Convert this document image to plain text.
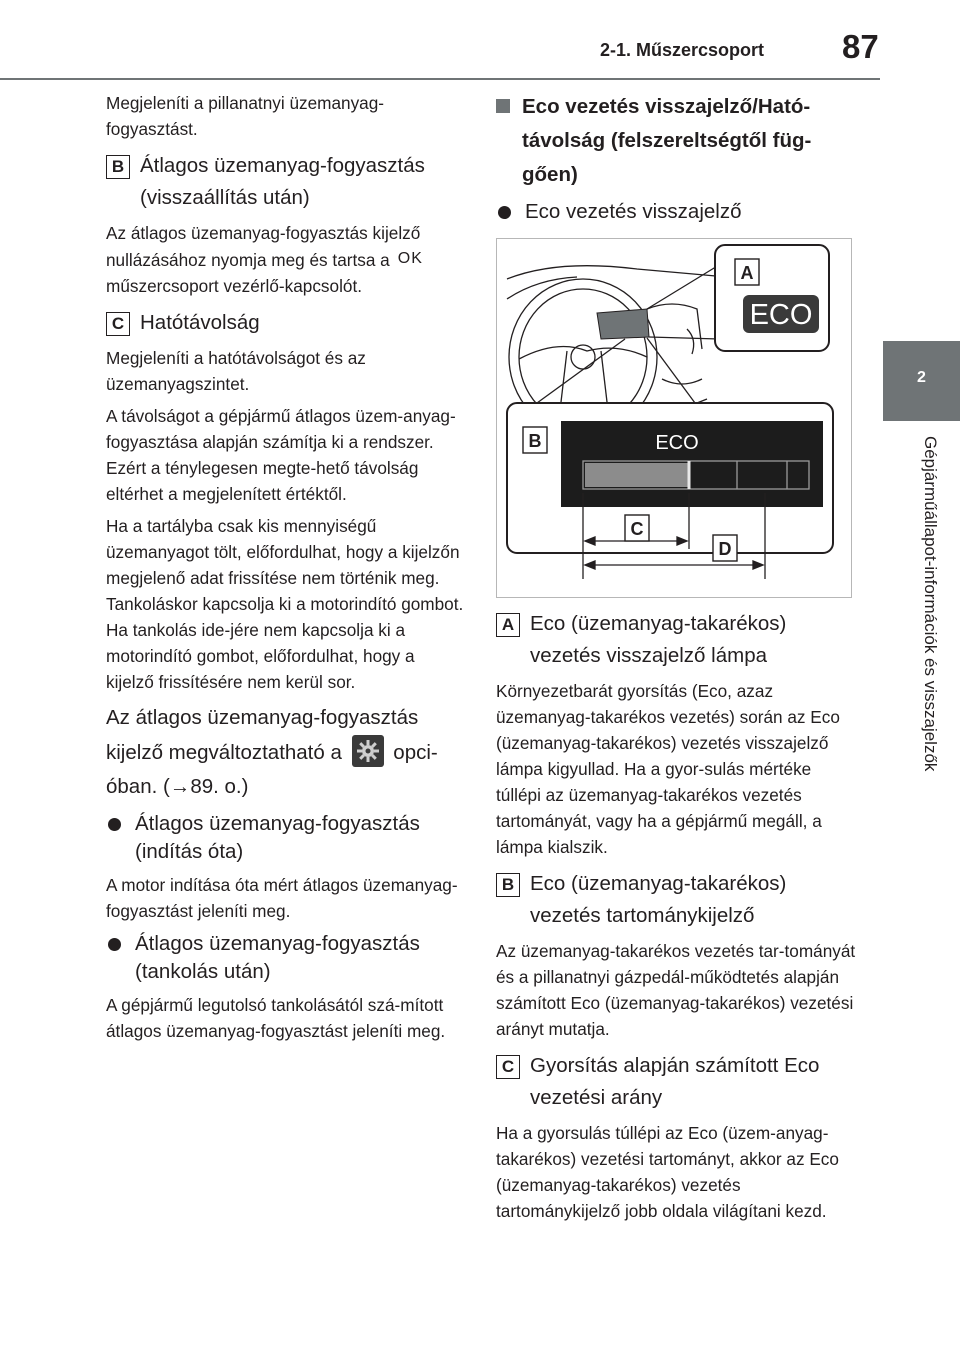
2-1. Műszercsoport 87
2
Gépjárműállapot-információk és visszajelzők

Megjeleníti a pillanatnyi üzemanyag-fogyasztást.

B Átlagos üzemanyag-fogyasztás (visszaállítás után)

Az átlagos üzemanyag-fogyasztás kijelző nullázásához nyomja meg és tartsa a OKműszercsoport vezérlő-kapcsolót.

C Hatótávolság

Megjeleníti a hatótávolságot és az üzemanyagszintet.

A távolságot a gépjármű átlagos üzem-anyag-fogyasztása alapján számítja ki a rendszer. Ezért a ténylegesen megte-hető távolság eltérhet a megjelenített értéktől.

Ha a tartályba csak kis mennyiségű üzemanyagot tölt, előfordulhat, hogy a kijelzőn megjelenő adat frissítése nem történik meg. Tankoláskor kapcsolja ki a motorindító gombot. Ha tankolás ide-jére nem kapcsolja ki a motorindító gombot, előfordulhat, hogy a kijelző frissítésére nem kerül sor.

Az átlagos üzemanyag-fogyasztás kijelző megváltoztatható a	opci-óban. (→89. o.)

Átlagos üzemanyag-fogyasztás (indítás óta)

A motor indítása óta mért átlagos üzemanyag-fogyasztást jeleníti meg.

Átlagos üzemanyag-fogyasztás (tankolás után)

A gépjármű legutolsó tankolásától szá-mított átlagos üzemanyag-fogyasztást jeleníti meg.

Eco vezetés visszajelző/Ható-távolság (felszereltségtől füg-gően)
Eco vezetés visszajelző
A
ECO
B	ECO
C
D
A Eco (üzemanyag-takarékos) vezetés visszajelző lámpa

Környezetbarát gyorsítás (Eco, azaz üzemanyag-takarékos vezetés) során az Eco (üzemanyag-takarékos) vezetés visszajelző lámpa kigyullad. Ha a gyor-sulás mértéke túllépi az üzemanyag-takarékos vezetés tartományát, vagy ha a gépjármű megáll, a lámpa kialszik.

B Eco (üzemanyag-takarékos) vezetés tartománykijelző

Az üzemanyag-takarékos vezetés tar-tományát és a pillanatnyi gázpedál-működtetés alapján számított Eco (üzemanyag-takarékos) vezetési arányt mutatja.

C Gyorsítás alapján számított Eco vezetési arány

Ha a gyorsulás túllépi az Eco (üzem-anyag-takarékos) vezetési tartományt, akkor az Eco (üzemanyag-takarékos) vezetés tartománykijelző jobb oldala világítani kezd.
